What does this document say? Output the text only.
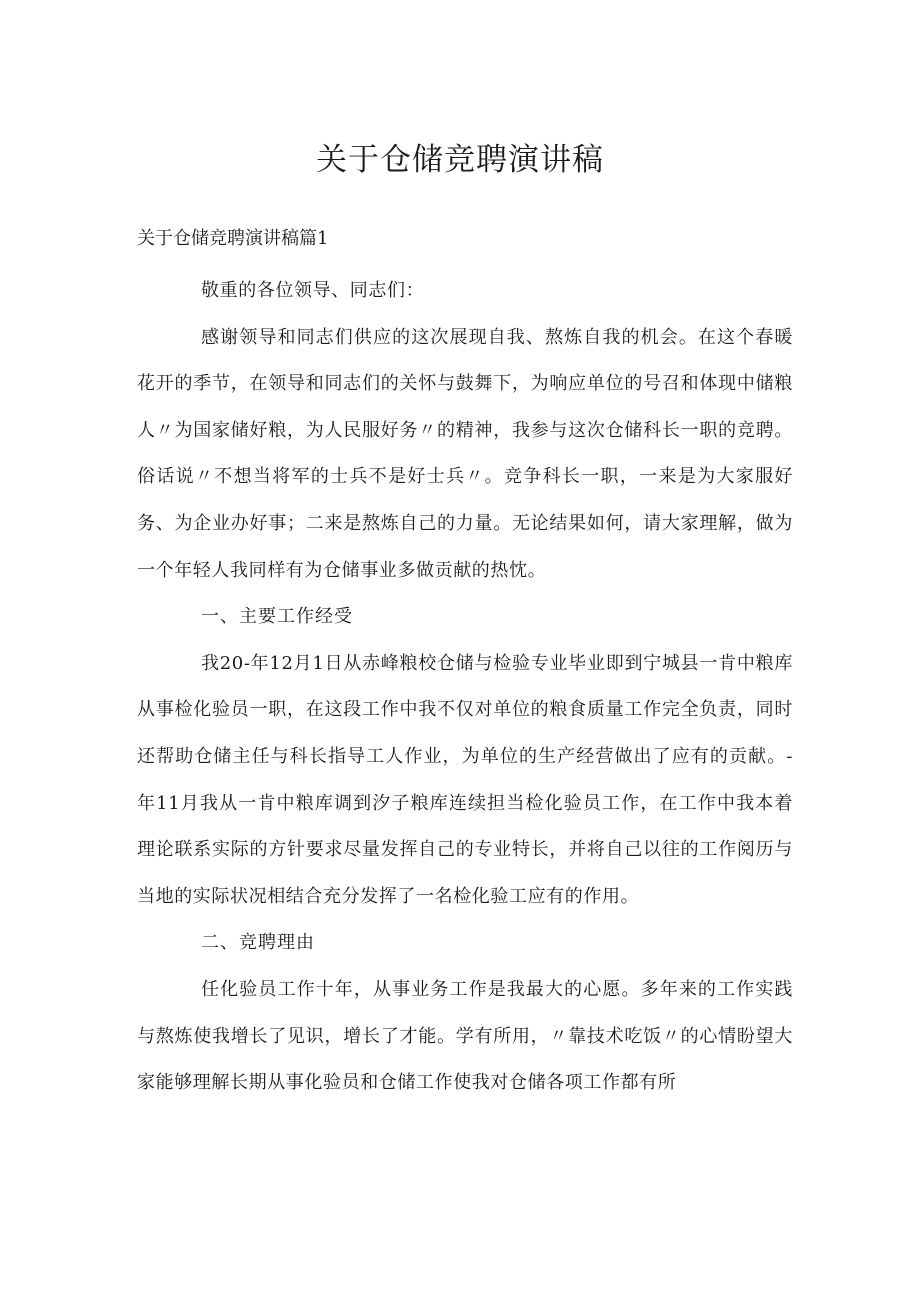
关于仓储竞聘演讲稿

关于仓储竞聘演讲稿篇1

敬重的各位领导、同志们：

感谢领导和同志们供应的这次展现自我、熬炼自我的机会。在这个春暖花开的季节，在领导和同志们的关怀与鼓舞下，为响应单位的号召和体现中储粮人〃为国家储好粮，为人民服好务〃的精神，我参与这次仓储科长一职的竞聘。俗话说〃不想当将军的士兵不是好士兵〃。竞争科长一职，一来是为大家服好务、为企业办好事；二来是熬炼自己的力量。无论结果如何，请大家理解，做为一个年轻人我同样有为仓储事业多做贡献的热忱。

一、主要工作经受

我20-年12月1日从赤峰粮校仓储与检验专业毕业即到宁城县一肯中粮库从事检化验员一职，在这段工作中我不仅对单位的粮食质量工作完全负责，同时还帮助仓储主任与科长指导工人作业，为单位的生产经营做出了应有的贡献。-年11月我从一肯中粮库调到汐子粮库连续担当检化验员工作，在工作中我本着理论联系实际的方针要求尽量发挥自己的专业特长，并将自己以往的工作阅历与当地的实际状况相结合充分发挥了一名检化验工应有的作用。

二、竞聘理由

任化验员工作十年，从事业务工作是我最大的心愿。多年来的工作实践与熬炼使我增长了见识，增长了才能。学有所用，〃靠技术吃饭〃的心情盼望大家能够理解长期从事化验员和仓储工作使我对仓储各项工作都有所
